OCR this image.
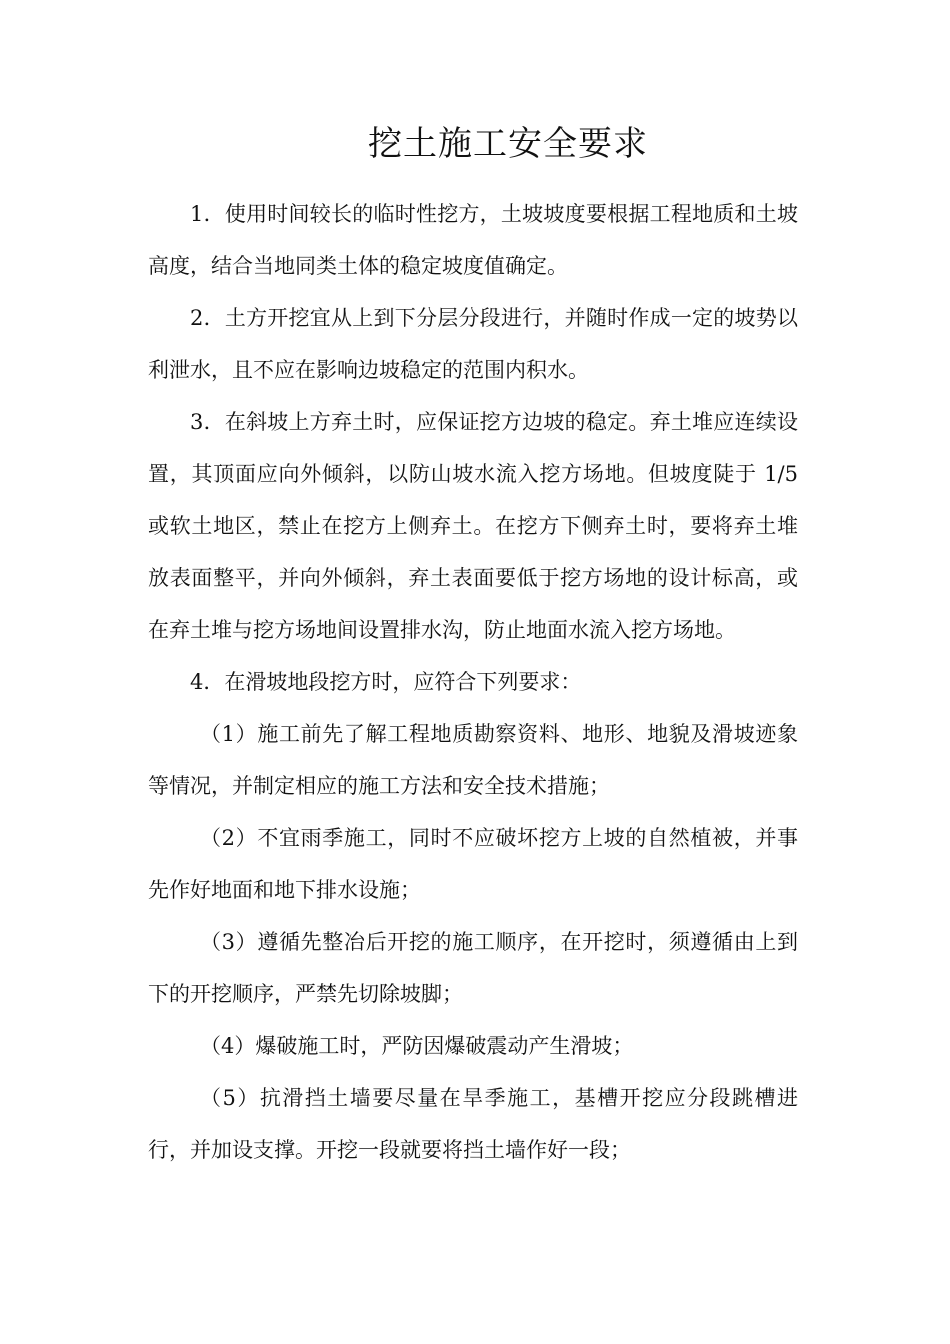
挖土施工安全要求

1．使用时间较长的临时性挖方，土坡坡度要根据工程地质和土坡高度，结合当地同类土体的稳定坡度值确定。

2．土方开挖宜从上到下分层分段进行，并随时作成一定的坡势以利泄水，且不应在影响边坡稳定的范围内积水。

3．在斜坡上方弃土时，应保证挖方边坡的稳定。弃土堆应连续设置，其顶面应向外倾斜，以防山坡水流入挖方场地。但坡度陡于 1/5 或软土地区，禁止在挖方上侧弃土。在挖方下侧弃土时，要将弃土堆放表面整平，并向外倾斜，弃土表面要低于挖方场地的设计标高，或在弃土堆与挖方场地间设置排水沟，防止地面水流入挖方场地。

4．在滑坡地段挖方时，应符合下列要求：

（1）施工前先了解工程地质勘察资料、地形、地貌及滑坡迹象等情况，并制定相应的施工方法和安全技术措施；

（2）不宜雨季施工，同时不应破坏挖方上坡的自然植被，并事先作好地面和地下排水设施；

（3）遵循先整冶后开挖的施工顺序，在开挖时，须遵循由上到下的开挖顺序，严禁先切除坡脚；

（4）爆破施工时，严防因爆破震动产生滑坡；

（5）抗滑挡土墙要尽量在旱季施工，基槽开挖应分段跳槽进行，并加设支撑。开挖一段就要将挡土墙作好一段；
